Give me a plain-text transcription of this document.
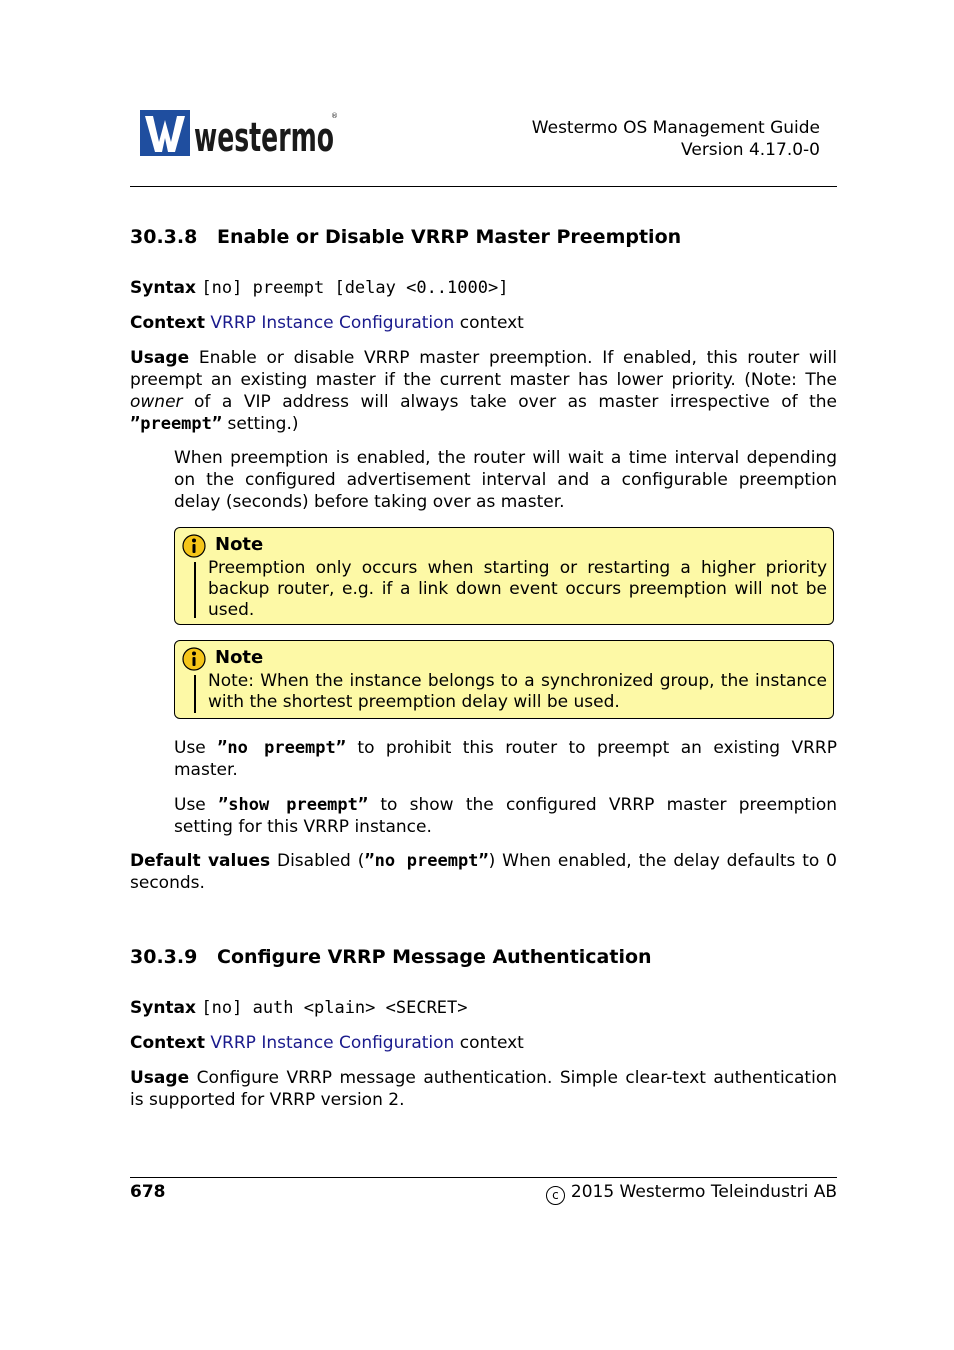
westermo
®
Westermo OS Management Guide
Version 4.17.0-0
30.3.8 Enable or Disable VRRP Master Preemption
Syntax [no] preempt [delay <0..1000>]
Context VRRP Instance Configuration context
Usage Enable or disable VRRP master preemption. If enabled, this router will preempt an existing master if the current master has lower priority. (Note: The owner of a VIP address will always take over as master irrespective of the ”preempt” setting.)
When preemption is enabled, the router will wait a time interval depending on the configured advertisement interval and a configurable preemption delay (seconds) before taking over as master.
Note
Preemption only occurs when starting or restarting a higher priority backup router, e.g. if a link down event occurs preemption will not be used.
Note
Note: When the instance belongs to a synchronized group, the instance with the shortest preemption delay will be used.
Use ”no preempt” to prohibit this router to preempt an existing VRRP master.
Use ”show preempt” to show the configured VRRP master preemption setting for this VRRP instance.
Default values Disabled (”no preempt”) When enabled, the delay defaults to 0 seconds.
30.3.9 Configure VRRP Message Authentication
Syntax [no] auth <plain> <SECRET>
Context VRRP Instance Configuration context
Usage Configure VRRP message authentication. Simple clear-text authentication is supported for VRRP version 2.
678	c 2015 Westermo Teleindustri AB
